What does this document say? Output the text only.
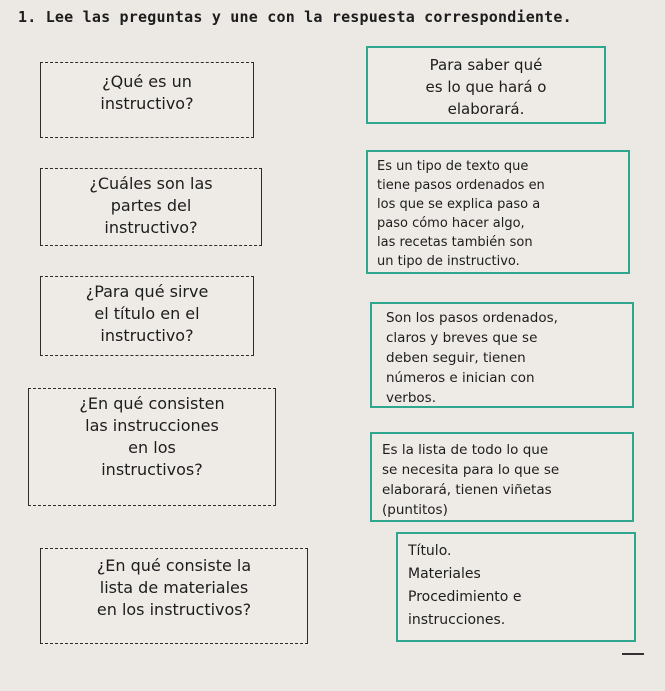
1. Lee las preguntas y une con la respuesta correspondiente.
¿Qué es un
instructivo?
¿Cuáles son las
partes del
instructivo?
¿Para qué sirve
el título en el
instructivo?
¿En qué consisten
las instrucciones
en los
instructivos?
¿En qué consiste la
lista de materiales
en los instructivos?
Para saber qué
es lo que hará o
elaborará.
Es un tipo de texto que
tiene pasos ordenados en
los que se explica paso a
paso cómo hacer algo,
las recetas también son
un tipo de instructivo.
Son los pasos ordenados,
claros y breves que se
deben seguir, tienen
números e inician con
verbos.
Es la lista de todo lo que
se necesita para lo que se
elaborará, tienen viñetas
(puntitos)
Título.
Materiales
Procedimiento e
instrucciones.
